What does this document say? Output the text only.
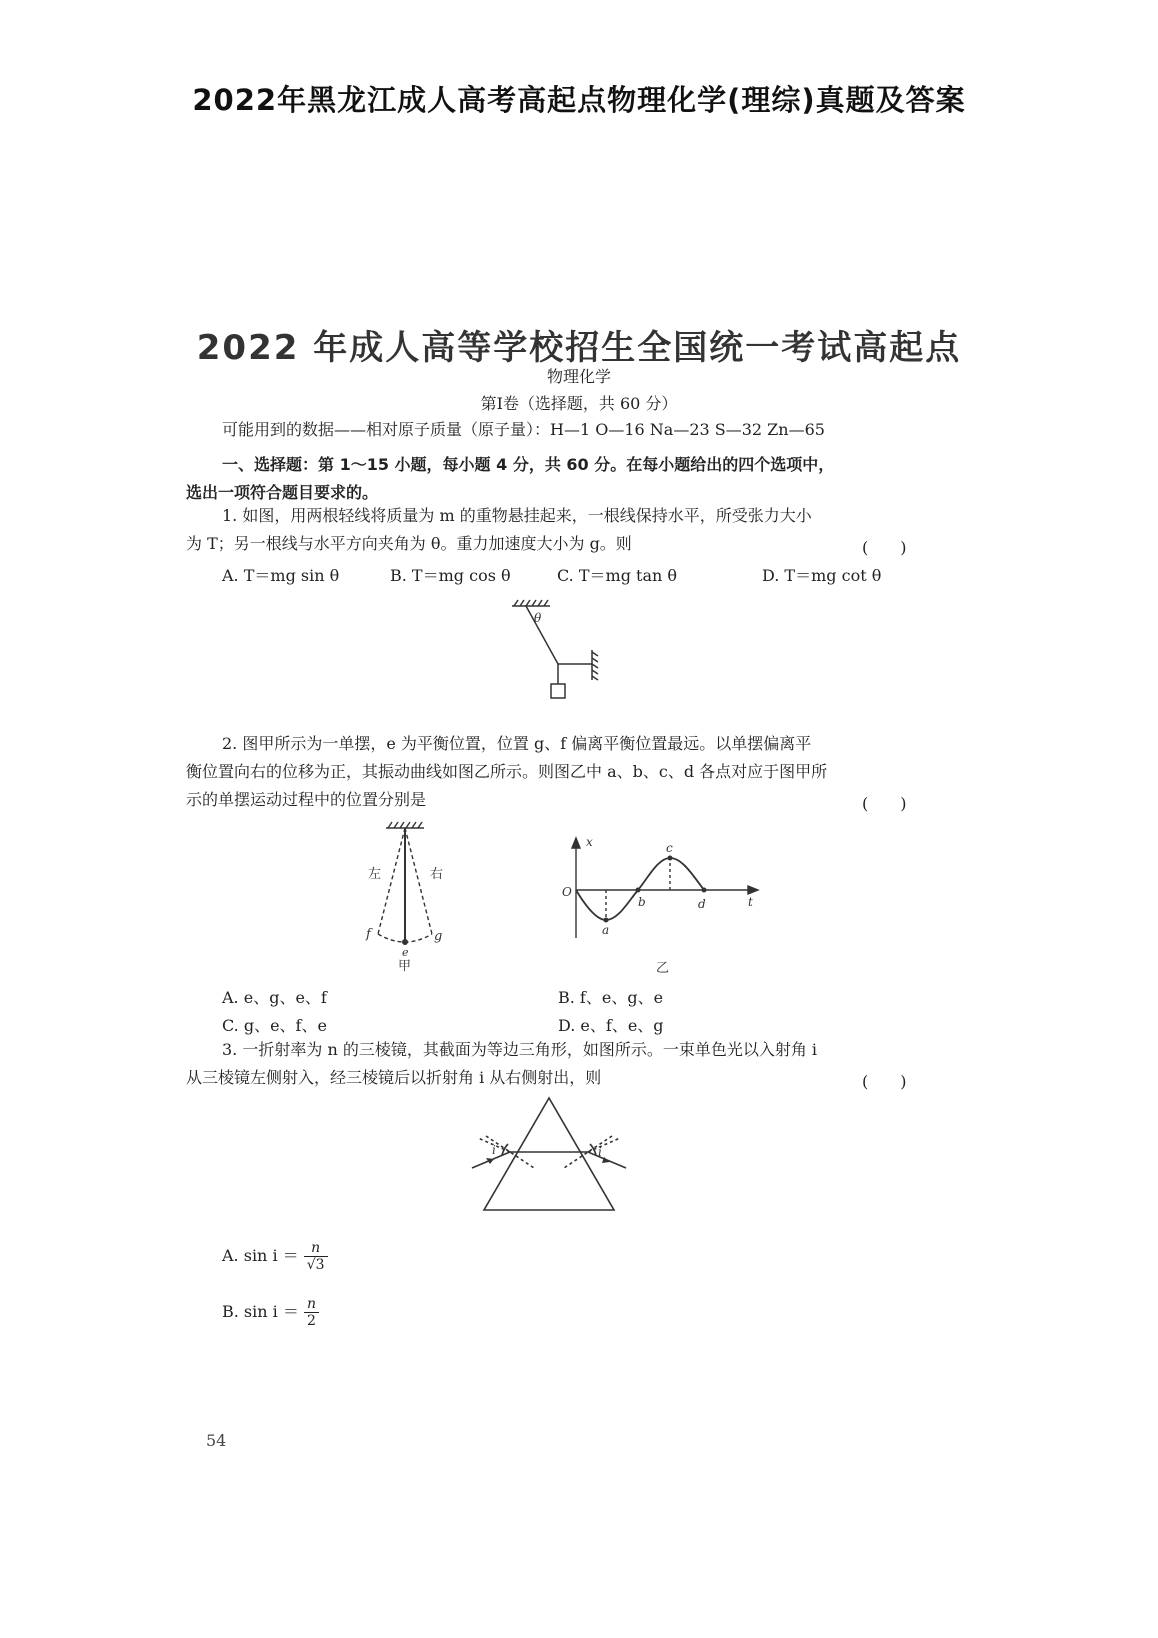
2022年黑龙江成人高考高起点物理化学(理综)真题及答案
2022 年成人高等学校招生全国统一考试高起点
物理化学
第Ⅰ卷（选择题，共 60 分）
可能用到的数据——相对原子质量（原子量）：H—1 O—16 Na—23 S—32 Zn—65
一、选择题：第 1～15 小题，每小题 4 分，共 60 分。在每小题给出的四个选项中，
选出一项符合题目要求的。
1. 如图，用两根轻线将质量为 m 的重物悬挂起来，一根线保持水平，所受张力大小
为 T；另一根线与水平方向夹角为 θ。重力加速度大小为 g。则	(　　)
A. T＝mg sin θ	B. T＝mg cos θ	C. T＝mg tan θ	D. T＝mg cot θ
θ
2. 图甲所示为一单摆，e 为平衡位置，位置 g、f 偏离平衡位置最远。以单摆偏离平
衡位置向右的位移为正，其振动曲线如图乙所示。则图乙中 a、b、c、d 各点对应于图甲所
示的单摆运动过程中的位置分别是	(　　)
左	右
f
e
g
甲
x
t
O
a
b
c
d
乙
A. e、g、e、f	B. f、e、g、e
C. g、e、f、e	D. e、f、e、g
3. 一折射率为 n 的三棱镜，其截面为等边三角形，如图所示。一束单色光以入射角 i
从三棱镜左侧射入，经三棱镜后以折射角 i 从右侧射出，则	(　　)
i	i
A. $\sin i = \frac{n}{√3}$
B. $\sin i = \frac{n}{2}$
54
